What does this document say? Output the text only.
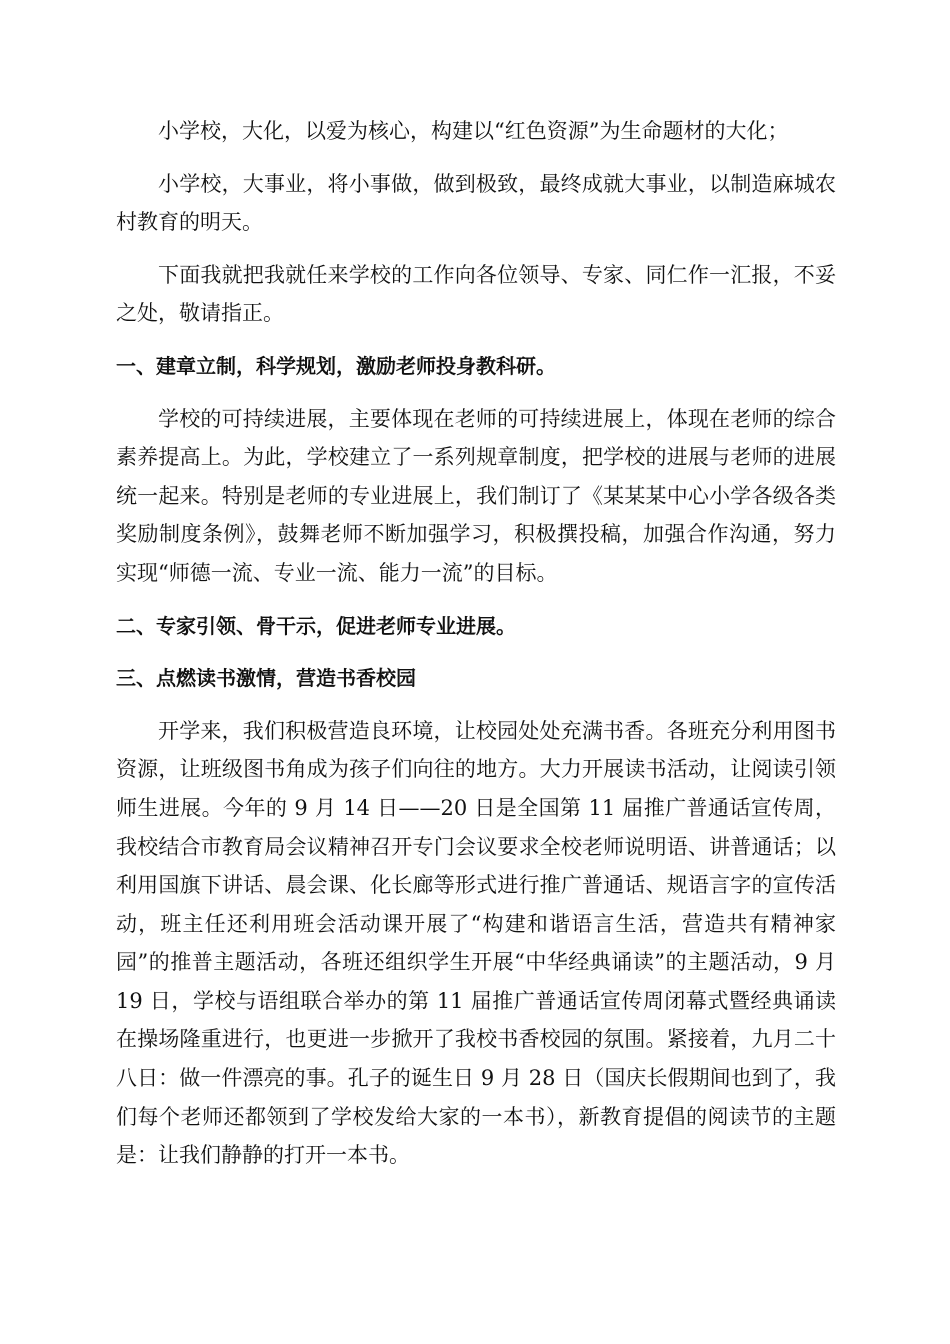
小学校，大化，以爱为核心，构建以“红色资源”为生命题材的大化；

小学校，大事业，将小事做，做到极致，最终成就大事业，以制造麻城农村教育的明天。

下面我就把我就任来学校的工作向各位领导、专家、同仁作一汇报，不妥之处，敬请指正。

一、建章立制，科学规划，激励老师投身教科研。

学校的可持续进展，主要体现在老师的可持续进展上，体现在老师的综合素养提高上。为此，学校建立了一系列规章制度，把学校的进展与老师的进展统一起来。特别是老师的专业进展上，我们制订了《某某某中心小学各级各类奖励制度条例》，鼓舞老师不断加强学习，积极撰投稿，加强合作沟通，努力实现“师德一流、专业一流、能力一流”的目标。

二、专家引领、骨干示，促进老师专业进展。

三、点燃读书激情，营造书香校园

开学来，我们积极营造良环境，让校园处处充满书香。各班充分利用图书资源，让班级图书角成为孩子们向往的地方。大力开展读书活动，让阅读引领师生进展。今年的 9 月 14 日——20 日是全国第 11 届推广普通话宣传周，我校结合市教育局会议精神召开专门会议要求全校老师说明语、讲普通话；以利用国旗下讲话、晨会课、化长廊等形式进行推广普通话、规语言字的宣传活动，班主任还利用班会活动课开展了“构建和谐语言生活，营造共有精神家园”的推普主题活动，各班还组织学生开展“中华经典诵读”的主题活动，9 月 19 日，学校与语组联合举办的第 11 届推广普通话宣传周闭幕式暨经典诵读在操场隆重进行，也更进一步掀开了我校书香校园的氛围。紧接着，九月二十八日：做一件漂亮的事。孔子的诞生日 9 月 28 日（国庆长假期间也到了，我们每个老师还都领到了学校发给大家的一本书），新教育提倡的阅读节的主题是：让我们静静的打开一本书。
